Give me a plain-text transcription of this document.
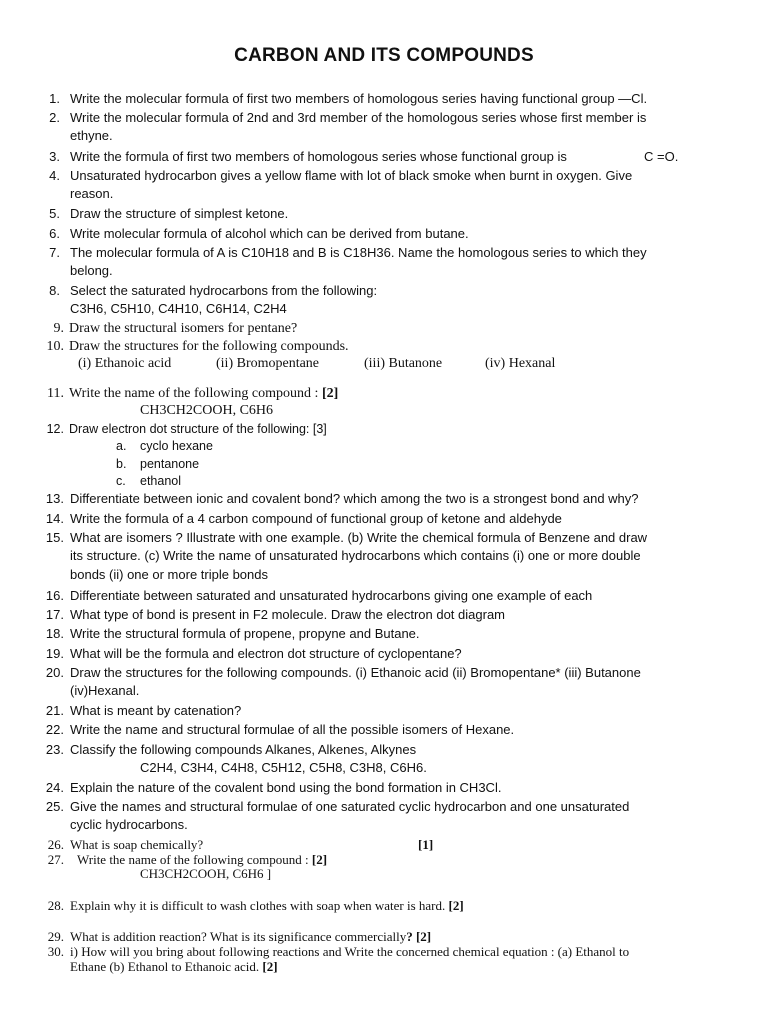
CARBON AND ITS COMPOUNDS
1. Write the molecular formula of first two members of homologous series having functional group —Cl.
2. Write the molecular formula of 2nd and 3rd member of the homologous series whose first member is
ethyne.
3. Write the formula of first two members of homologous series whose functional group is	C =O.
4. Unsaturated hydrocarbon gives a yellow flame with lot of black smoke when burnt in oxygen. Give
reason.
5. Draw the structure of simplest ketone.
6. Write molecular formula of alcohol which can be derived from butane.
7. The molecular formula of A is C10H18 and B is C18H36. Name the homologous series to which they
belong.
8. Select the saturated hydrocarbons from the following:
C3H6, C5H10, C4H10, C6H14, C2H4
9. Draw the structural isomers for pentane?
10. Draw the structures for the following compounds.
(i) Ethanoic acid	(ii) Bromopentane	(iii) Butanone	(iv) Hexanal
11. Write the name of the following compound : [2]
CH3CH2COOH, C6H6
12. Draw electron dot structure of the following: [3]
a. cyclo hexane
b. pentanone
c. ethanol
13. Differentiate between ionic and covalent bond? which among the two is a strongest bond and why?
14. Write the formula of a 4 carbon compound of functional group of ketone and aldehyde
15. What are isomers ? Illustrate with one example. (b) Write the chemical formula of Benzene and draw
its structure. (c) Write the name of unsaturated hydrocarbons which contains (i) one or more double
bonds (ii) one or more triple bonds
16. Differentiate between saturated and unsaturated hydrocarbons giving one example of each
17. What type of bond is present in F2 molecule. Draw the electron dot diagram
18. Write the structural formula of propene, propyne and Butane.
19. What will be the formula and electron dot structure of cyclopentane?
20. Draw the structures for the following compounds. (i) Ethanoic acid (ii) Bromopentane* (iii) Butanone
(iv)Hexanal.
21. What is meant by catenation?
22. Write the name and structural formulae of all the possible isomers of Hexane.
23. Classify the following compounds Alkanes, Alkenes, Alkynes
C2H4, C3H4, C4H8, C5H12, C5H8, C3H8, C6H6.
24. Explain the nature of the covalent bond using the bond formation in CH3Cl.
25. Give the names and structural formulae of one saturated cyclic hydrocarbon and one unsaturated
cyclic hydrocarbons.
26. What is soap chemically?	[1]
27. Write the name of the following compound : [2]
CH3CH2COOH, C6H6 ]
28. Explain why it is difficult to wash clothes with soap when water is hard. [2]
29. What is addition reaction? What is its significance commercially? [2]
30. i) How will you bring about following reactions and Write the concerned chemical equation : (a) Ethanol to
Ethane (b) Ethanol to Ethanoic acid. [2]
